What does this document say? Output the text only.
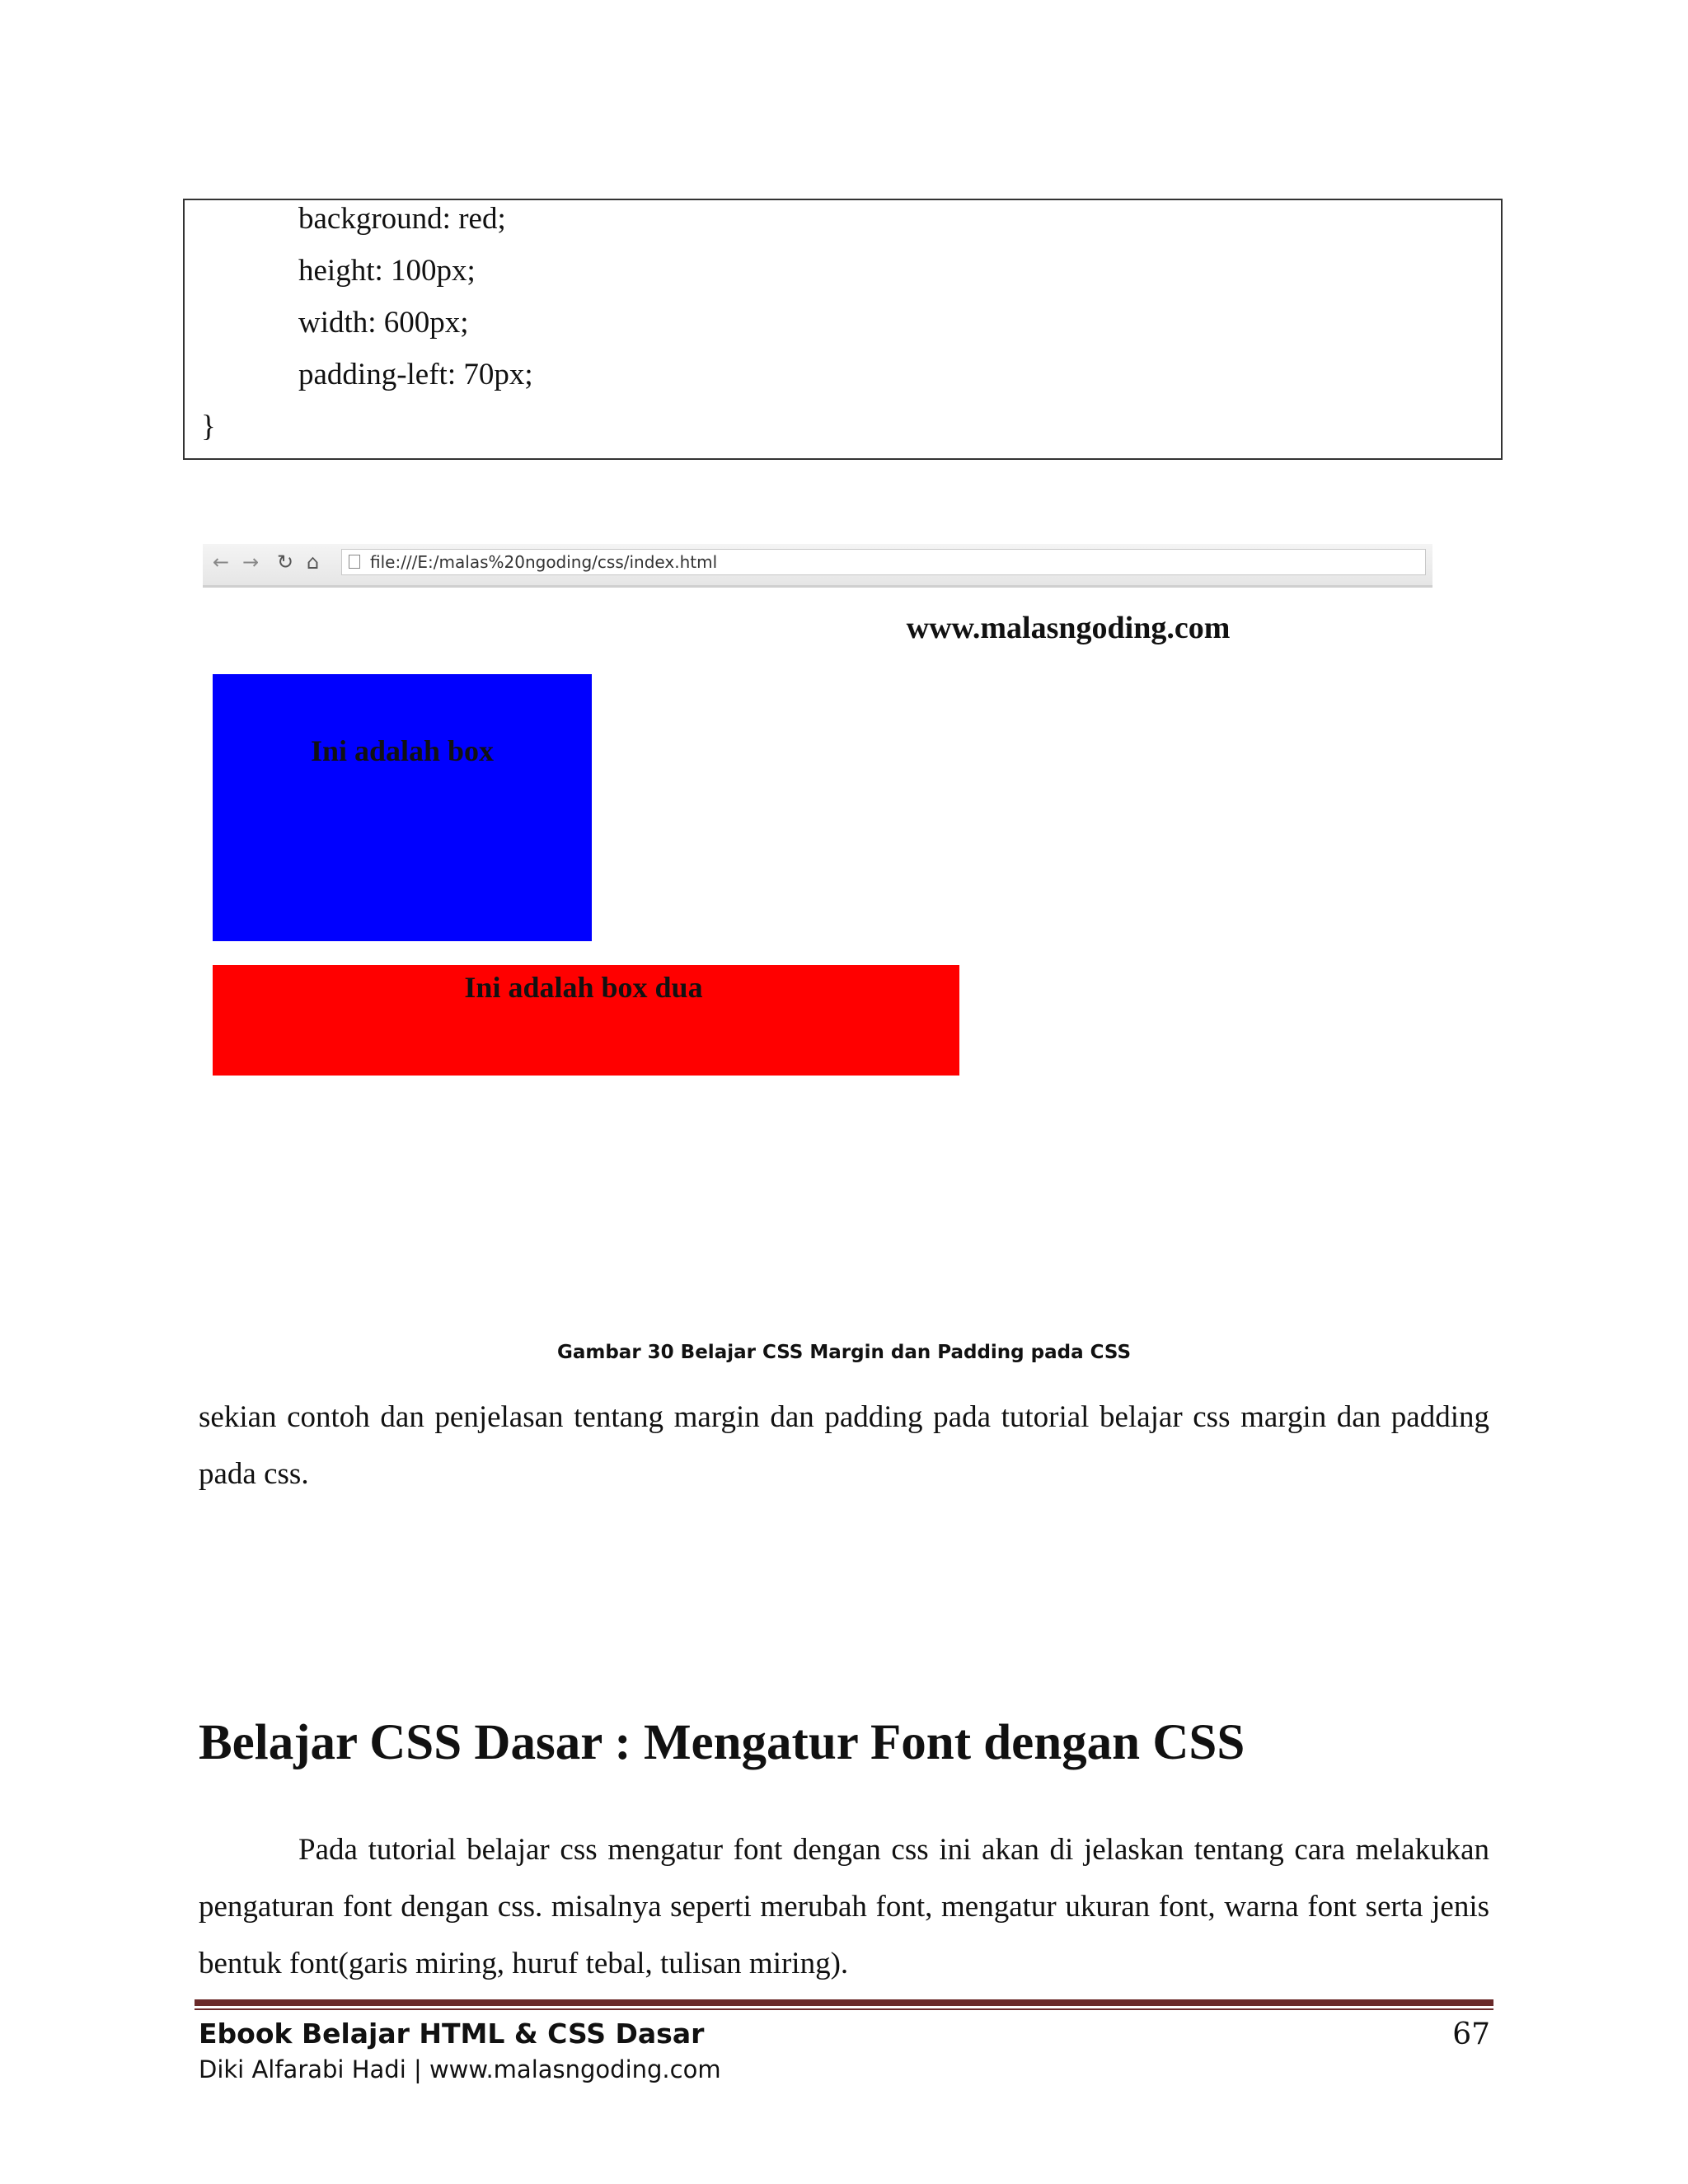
background: red;
height: 100px;
width: 600px;
padding-left: 70px;
}
← → ↻ ⌂	file:///E:/malas%20ngoding/css/index.html
www.malasngoding.com
Ini adalah box
Ini adalah box dua
Gambar 30 Belajar CSS Margin dan Padding pada CSS
sekian contoh dan penjelasan tentang margin dan padding pada tutorial belajar css margin dan padding pada css.
Belajar CSS Dasar : Mengatur Font dengan CSS
Pada tutorial belajar css mengatur font dengan css ini akan di jelaskan tentang cara melakukan pengaturan font dengan css. misalnya seperti merubah font, mengatur ukuran font, warna font serta jenis bentuk font(garis miring, huruf tebal, tulisan miring).
Ebook Belajar HTML & CSS Dasar	67
Diki Alfarabi Hadi | www.malasngoding.com
